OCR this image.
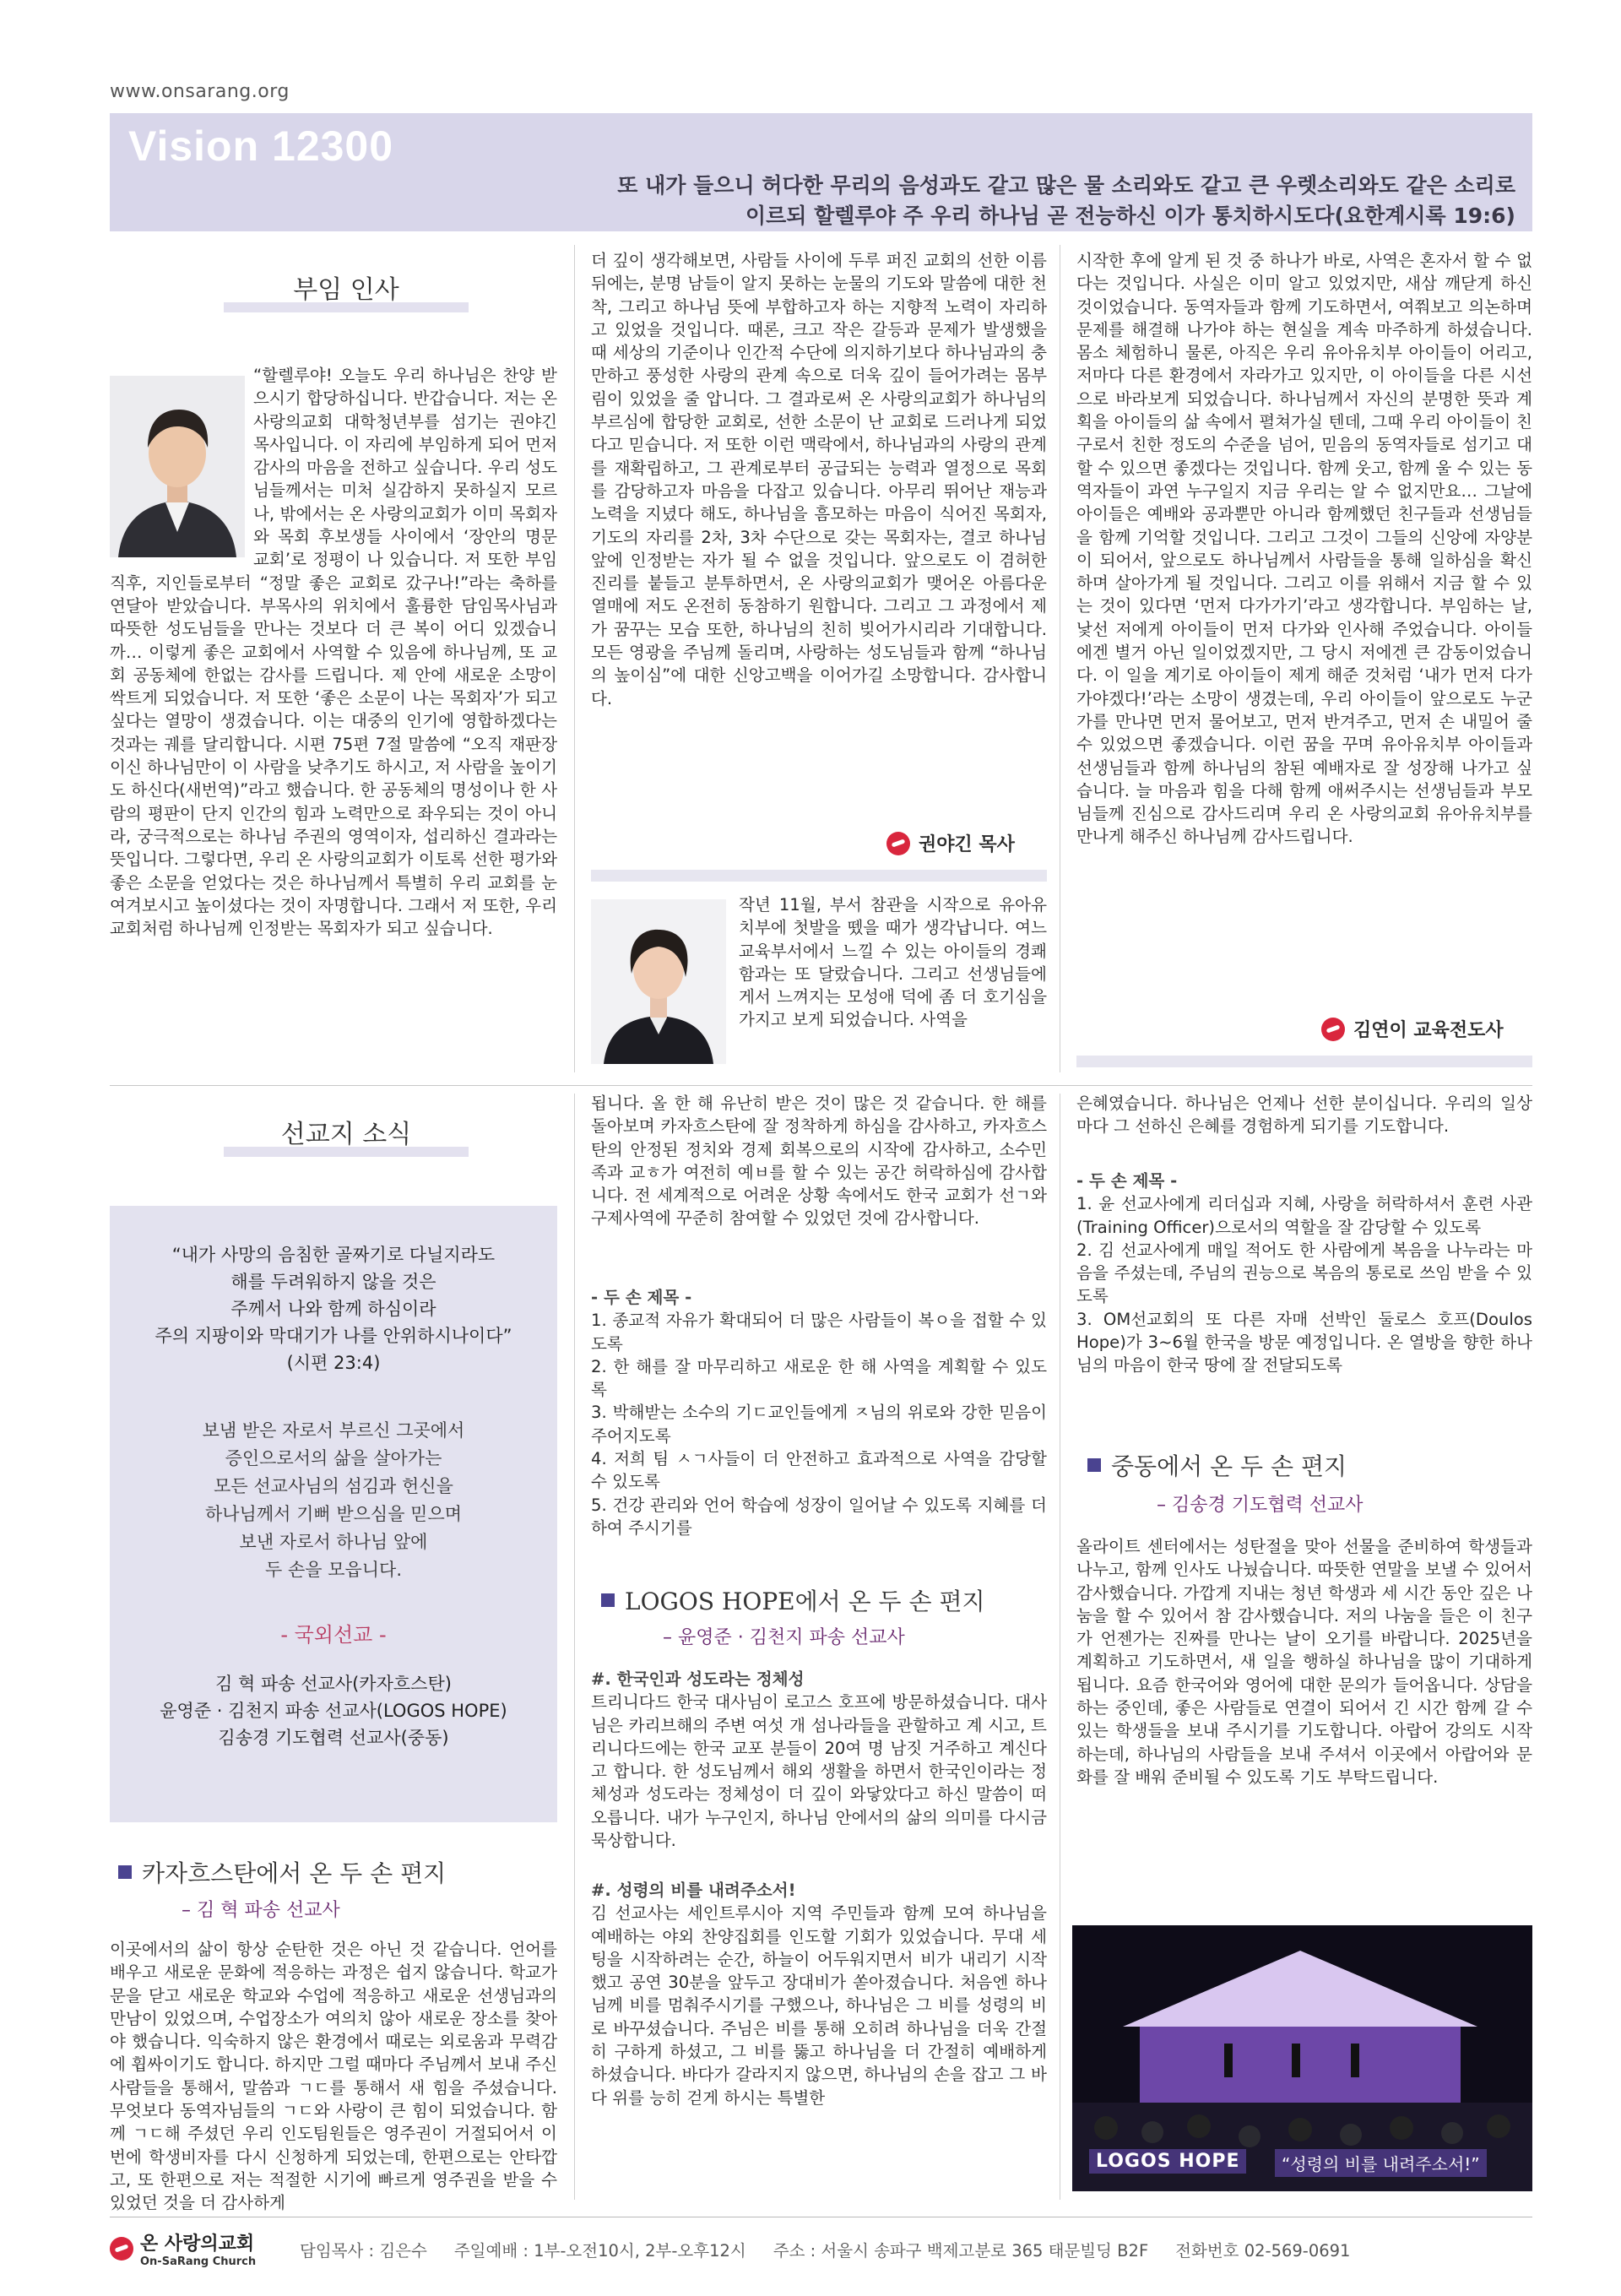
www.onsarang.org
Vision 12300
또 내가 들으니 허다한 무리의 음성과도 같고 많은 물 소리와도 같고 큰 우렛소리와도 같은 소리로
이르되 할렐루야 주 우리 하나님 곧 전능하신 이가 통치하시도다(요한계시록 19:6)
부임 인사

“할렐루야! 오늘도 우리 하나님은 찬양 받으시기 합당하십니다. 반갑습니다. 저는 온 사랑의교회 대학청년부를 섬기는 권야긴 목사입니다. 이 자리에 부임하게 되어 먼저 감사의 마음을 전하고 싶습니다. 우리 성도님들께서는 미처 실감하지 못하실지 모르나, 밖에서는 온 사랑의교회가 이미 목회자와 목회 후보생들 사이에서 ‘장안의 명문 교회’로 정평이 나 있습니다. 저 또한 부임 직후, 지인들로부터 “정말 좋은 교회로 갔구나!”라는 축하를 연달아 받았습니다. 부목사의 위치에서 훌륭한 담임목사님과 따뜻한 성도님들을 만나는 것보다 더 큰 복이 어디 있겠습니까… 이렇게 좋은 교회에서 사역할 수 있음에 하나님께, 또 교회 공동체에 한없는 감사를 드립니다. 제 안에 새로운 소망이 싹트게 되었습니다. 저 또한 ‘좋은 소문이 나는 목회자’가 되고 싶다는 열망이 생겼습니다. 이는 대중의 인기에 영합하겠다는 것과는 궤를 달리합니다. 시편 75편 7절 말씀에 “오직 재판장이신 하나님만이 이 사람을 낮추기도 하시고, 저 사람을 높이기도 하신다(새번역)”라고 했습니다. 한 공동체의 명성이나 한 사람의 평판이 단지 인간의 힘과 노력만으로 좌우되는 것이 아니라, 궁극적으로는 하나님 주권의 영역이자, 섭리하신 결과라는 뜻입니다. 그렇다면, 우리 온 사랑의교회가 이토록 선한 평가와 좋은 소문을 얻었다는 것은 하나님께서 특별히 우리 교회를 눈여겨보시고 높이셨다는 것이 자명합니다. 그래서 저 또한, 우리 교회처럼 하나님께 인정받는 목회자가 되고 싶습니다.

더 깊이 생각해보면, 사람들 사이에 두루 퍼진 교회의 선한 이름 뒤에는, 분명 남들이 알지 못하는 눈물의 기도와 말씀에 대한 천착, 그리고 하나님 뜻에 부합하고자 하는 지향적 노력이 자리하고 있었을 것입니다. 때론, 크고 작은 갈등과 문제가 발생했을 때 세상의 기준이나 인간적 수단에 의지하기보다 하나님과의 충만하고 풍성한 사랑의 관계 속으로 더욱 깊이 들어가려는 몸부림이 있었을 줄 압니다. 그 결과로써 온 사랑의교회가 하나님의 부르심에 합당한 교회로, 선한 소문이 난 교회로 드러나게 되었다고 믿습니다. 저 또한 이런 맥락에서, 하나님과의 사랑의 관계를 재확립하고, 그 관계로부터 공급되는 능력과 열정으로 목회를 감당하고자 마음을 다잡고 있습니다. 아무리 뛰어난 재능과 노력을 지녔다 해도, 하나님을 흠모하는 마음이 식어진 목회자, 기도의 자리를 2차, 3차 수단으로 갖는 목회자는, 결코 하나님 앞에 인정받는 자가 될 수 없을 것입니다. 앞으로도 이 겸허한 진리를 붙들고 분투하면서, 온 사랑의교회가 맺어온 아름다운 열매에 저도 온전히 동참하기 원합니다. 그리고 그 과정에서 제가 꿈꾸는 모습 또한, 하나님의 친히 빚어가시리라 기대합니다. 모든 영광을 주님께 돌리며, 사랑하는 성도님들과 함께 “하나님의 높이심”에 대한 신앙고백을 이어가길 소망합니다. 감사합니다.

권야긴 목사

작년 11월, 부서 참관을 시작으로 유아유치부에 첫발을 뗐을 때가 생각납니다. 여느 교육부서에서 느낄 수 있는 아이들의 경쾌함과는 또 달랐습니다. 그리고 선생님들에게서 느껴지는 모성애 덕에 좀 더 호기심을 가지고 보게 되었습니다. 사역을

시작한 후에 알게 된 것 중 하나가 바로, 사역은 혼자서 할 수 없다는 것입니다. 사실은 이미 알고 있었지만, 새삼 깨닫게 하신 것이었습니다. 동역자들과 함께 기도하면서, 여쭤보고 의논하며 문제를 해결해 나가야 하는 현실을 계속 마주하게 하셨습니다. 몸소 체험하니 물론, 아직은 우리 유아유치부 아이들이 어리고, 저마다 다른 환경에서 자라가고 있지만, 이 아이들을 다른 시선으로 바라보게 되었습니다. 하나님께서 자신의 분명한 뜻과 계획을 아이들의 삶 속에서 펼쳐가실 텐데, 그때 우리 아이들이 친구로서 친한 정도의 수준을 넘어, 믿음의 동역자들로 섬기고 대할 수 있으면 좋겠다는 것입니다. 함께 웃고, 함께 울 수 있는 동역자들이 과연 누구일지 지금 우리는 알 수 없지만요… 그날에 아이들은 예배와 공과뿐만 아니라 함께했던 친구들과 선생님들을 함께 기억할 것입니다. 그리고 그것이 그들의 신앙에 자양분이 되어서, 앞으로도 하나님께서 사람들을 통해 일하심을 확신하며 살아가게 될 것입니다. 그리고 이를 위해서 지금 할 수 있는 것이 있다면 ‘먼저 다가가기’라고 생각합니다. 부임하는 날, 낯선 저에게 아이들이 먼저 다가와 인사해 주었습니다. 아이들에겐 별거 아닌 일이었겠지만, 그 당시 저에겐 큰 감동이었습니다. 이 일을 계기로 아이들이 제게 해준 것처럼 ‘내가 먼저 다가가야겠다!’라는 소망이 생겼는데, 우리 아이들이 앞으로도 누군가를 만나면 먼저 물어보고, 먼저 반겨주고, 먼저 손 내밀어 줄 수 있었으면 좋겠습니다. 이런 꿈을 꾸며 유아유치부 아이들과 선생님들과 함께 하나님의 참된 예배자로 잘 성장해 나가고 싶습니다. 늘 마음과 힘을 다해 함께 애써주시는 선생님들과 부모님들께 진심으로 감사드리며 우리 온 사랑의교회 유아유치부를 만나게 해주신 하나님께 감사드립니다.

김연이 교육전도사
선교지 소식
“내가 사망의 음침한 골짜기로 다닐지라도
해를 두려워하지 않을 것은
주께서 나와 함께 하심이라
주의 지팡이와 막대기가 나를 안위하시나이다”
(시편 23:4)
보냄 받은 자로서 부르신 그곳에서
증인으로서의 삶을 살아가는
모든 선교사님의 섬김과 헌신을
하나님께서 기뻐 받으심을 믿으며
보낸 자로서 하나님 앞에
두 손을 모읍니다.
- 국외선교 -
김 혁 파송 선교사(카자흐스탄)
윤영준 · 김천지 파송 선교사(LOGOS HOPE)
김송경 기도협력 선교사(중동)
카자흐스탄에서 온 두 손 편지
– 김 혁 파송 선교사

이곳에서의 삶이 항상 순탄한 것은 아닌 것 같습니다. 언어를 배우고 새로운 문화에 적응하는 과정은 쉽지 않습니다. 학교가 문을 닫고 새로운 학교와 수업에 적응하고 새로운 선생님과의 만남이 있었으며, 수업장소가 여의치 않아 새로운 장소를 찾아야 했습니다. 익숙하지 않은 환경에서 때로는 외로움과 무력감에 휩싸이기도 합니다. 하지만 그럴 때마다 주님께서 보내 주신 사람들을 통해서, 말씀과 ㄱㄷ를 통해서 새 힘을 주셨습니다. 무엇보다 동역자님들의 ㄱㄷ와 사랑이 큰 힘이 되었습니다. 함께 ㄱㄷ해 주셨던 우리 인도팀원들은 영주권이 거절되어서 이번에 학생비자를 다시 신청하게 되었는데, 한편으로는 안타깝고, 또 한편으로 저는 적절한 시기에 빠르게 영주권을 받을 수 있었던 것을 더 감사하게

됩니다. 올 한 해 유난히 받은 것이 많은 것 같습니다. 한 해를 돌아보며 카자흐스탄에 잘 정착하게 하심을 감사하고, 카자흐스탄의 안정된 정치와 경제 회복으로의 시작에 감사하고, 소수민족과 교ㅎ가 여전히 예ㅂ를 할 수 있는 공간 허락하심에 감사합니다. 전 세계적으로 어려운 상황 속에서도 한국 교회가 선ㄱ와 구제사역에 꾸준히 참여할 수 있었던 것에 감사합니다.

- 두 손 제목 -

1. 종교적 자유가 확대되어 더 많은 사람들이 복ㅇ을 접할 수 있도록

2. 한 해를 잘 마무리하고 새로운 한 해 사역을 계획할 수 있도록

3. 박해받는 소수의 기ㄷ교인들에게 ㅈ님의 위로와 강한 믿음이 주어지도록

4. 저희 팀 ㅅㄱ사들이 더 안전하고 효과적으로 사역을 감당할 수 있도록

5. 건강 관리와 언어 학습에 성장이 일어날 수 있도록 지혜를 더하여 주시기를

LOGOS HOPE에서 온 두 손 편지
– 윤영준 · 김천지 파송 선교사

#. 한국인과 성도라는 정체성

트리니다드 한국 대사님이 로고스 호프에 방문하셨습니다. 대사님은 카리브해의 주변 여섯 개 섬나라들을 관할하고 계 시고, 트리니다드에는 한국 교포 분들이 20여 명 남짓 거주하고 계신다고 합니다. 한 성도님께서 해외 생활을 하면서 한국인이라는 정체성과 성도라는 정체성이 더 깊이 와닿았다고 하신 말씀이 떠오릅니다. 내가 누구인지, 하나님 안에서의 삶의 의미를 다시금 묵상합니다.

#. 성령의 비를 내려주소서!

김 선교사는 세인트루시아 지역 주민들과 함께 모여 하나님을 예배하는 야외 찬양집회를 인도할 기회가 있었습니다. 무대 세팅을 시작하려는 순간, 하늘이 어두워지면서 비가 내리기 시작했고 공연 30분을 앞두고 장대비가 쏟아졌습니다. 처음엔 하나님께 비를 멈춰주시기를 구했으나, 하나님은 그 비를 성령의 비로 바꾸셨습니다. 주님은 비를 통해 오히려 하나님을 더욱 간절히 구하게 하셨고, 그 비를 뚫고 하나님을 더 간절히 예배하게 하셨습니다. 바다가 갈라지지 않으면, 하나님의 손을 잡고 그 바다 위를 능히 걷게 하시는 특별한

은혜였습니다. 하나님은 언제나 선한 분이십니다. 우리의 일상마다 그 선하신 은혜를 경험하게 되기를 기도합니다.

- 두 손 제목 -

1. 윤 선교사에게 리더십과 지혜, 사랑을 허락하셔서 훈련 사관(Training Officer)으로서의 역할을 잘 감당할 수 있도록

2. 김 선교사에게 매일 적어도 한 사람에게 복음을 나누라는 마음을 주셨는데, 주님의 권능으로 복음의 통로로 쓰임 받을 수 있도록

3. OM선교회의 또 다른 자매 선박인 둘로스 호프(Doulos Hope)가 3~6월 한국을 방문 예정입니다. 온 열방을 향한 하나님의 마음이 한국 땅에 잘 전달되도록

중동에서 온 두 손 편지
– 김송경 기도협력 선교사

올라이트 센터에서는 성탄절을 맞아 선물을 준비하여 학생들과 나누고, 함께 인사도 나눴습니다. 따뜻한 연말을 보낼 수 있어서 감사했습니다. 가깝게 지내는 청년 학생과 세 시간 동안 깊은 나눔을 할 수 있어서 참 감사했습니다. 저의 나눔을 들은 이 친구가 언젠가는 진짜를 만나는 날이 오기를 바랍니다. 2025년을 계획하고 기도하면서, 새 일을 행하실 하나님을 많이 기대하게 됩니다. 요즘 한국어와 영어에 대한 문의가 들어옵니다. 상담을 하는 중인데, 좋은 사람들로 연결이 되어서 긴 시간 함께 갈 수 있는 학생들을 보내 주시기를 기도합니다. 아랍어 강의도 시작하는데, 하나님의 사람들을 보내 주셔서 이곳에서 아랍어와 문화를 잘 배워 준비될 수 있도록 기도 부탁드립니다.

LOGOS HOPE	“성령의 비를 내려주소서!”
온 사랑의교회
On-SaRang Church
담임목사 : 김은수 주일예배 : 1부-오전10시, 2부-오후12시 주소 : 서울시 송파구 백제고분로 365 태문빌딩 B2F 전화번호 02-569-0691
